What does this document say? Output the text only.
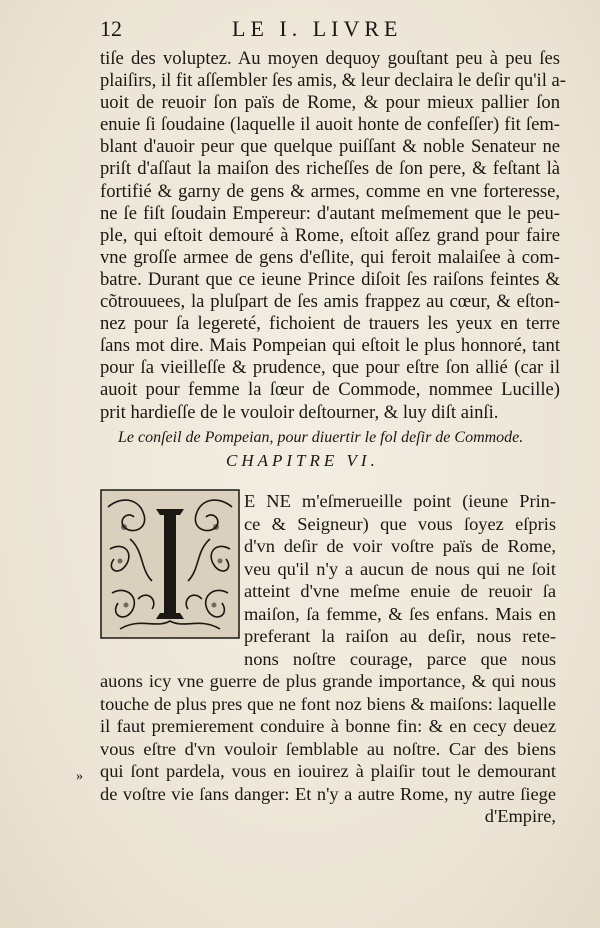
12	LE I. LIVRE
tiſe des voluptez. Au moyen dequoy gouſtant peu à peu ſes
plaiſirs, il fit aſſembler ſes amis, & leur declaira le deſir qu'il a-
uoit de reuoir ſon païs de Rome, & pour mieux pallier ſon
enuie ſi ſoudaine (laquelle il auoit honte de confeſſer) fit ſem-
blant d'auoir peur que quelque puiſſant & noble Senateur ne
priſt d'aſſaut la maiſon des richeſſes de ſon pere, & feſtant là
fortifié & garny de gens & armes, comme en vne forteresse,
ne ſe fiſt ſoudain Empereur: d'autant meſmement que le peu-
ple, qui eſtoit demouré à Rome, eſtoit aſſez grand pour faire
vne groſſe armee de gens d'eſlite, qui feroit malaiſee à com-
batre. Durant que ce ieune Prince diſoit ſes raiſons feintes &
cõtrouuees, la pluſpart de ſes amis frappez au cœur, & eſton-
nez pour ſa legereté, fichoient de trauers les yeux en terre
ſans mot dire. Mais Pompeian qui eſtoit le plus honnoré, tant
pour ſa vieilleſſe & prudence, que pour eſtre ſon allié (car il
auoit pour femme la ſœur de Commode, nommee Lucille)
prit hardieſſe de le vouloir deſtourner, & luy diſt ainſi.
Le conſeil de Pompeian, pour diuertir le fol deſir de Commode.
CHAPITRE VI.
E NE m'eſmerueille point (ieune Prin-
ce & Seigneur) que vous ſoyez eſpris
d'vn deſir de voir voſtre païs de Rome,
veu qu'il n'y a aucun de nous qui ne ſoit
atteint d'vne meſme enuie de reuoir ſa
maiſon, ſa femme, & ſes enfans. Mais en
preferant la raiſon au deſir, nous rete-
nons noſtre courage, parce que nous
auons icy vne guerre de plus grande importance, & qui nous
touche de plus pres que ne font noz biens & maiſons: laquelle
il faut premierement conduire à bonne fin: & en cecy deuez
vous eſtre d'vn vouloir ſemblable au noſtre. Car des biens
qui ſont pardela, vous en iouirez à plaiſir tout le demourant
de voſtre vie ſans danger: Et n'y a autre Rome, ny autre ſiege
d'Empire,
»
